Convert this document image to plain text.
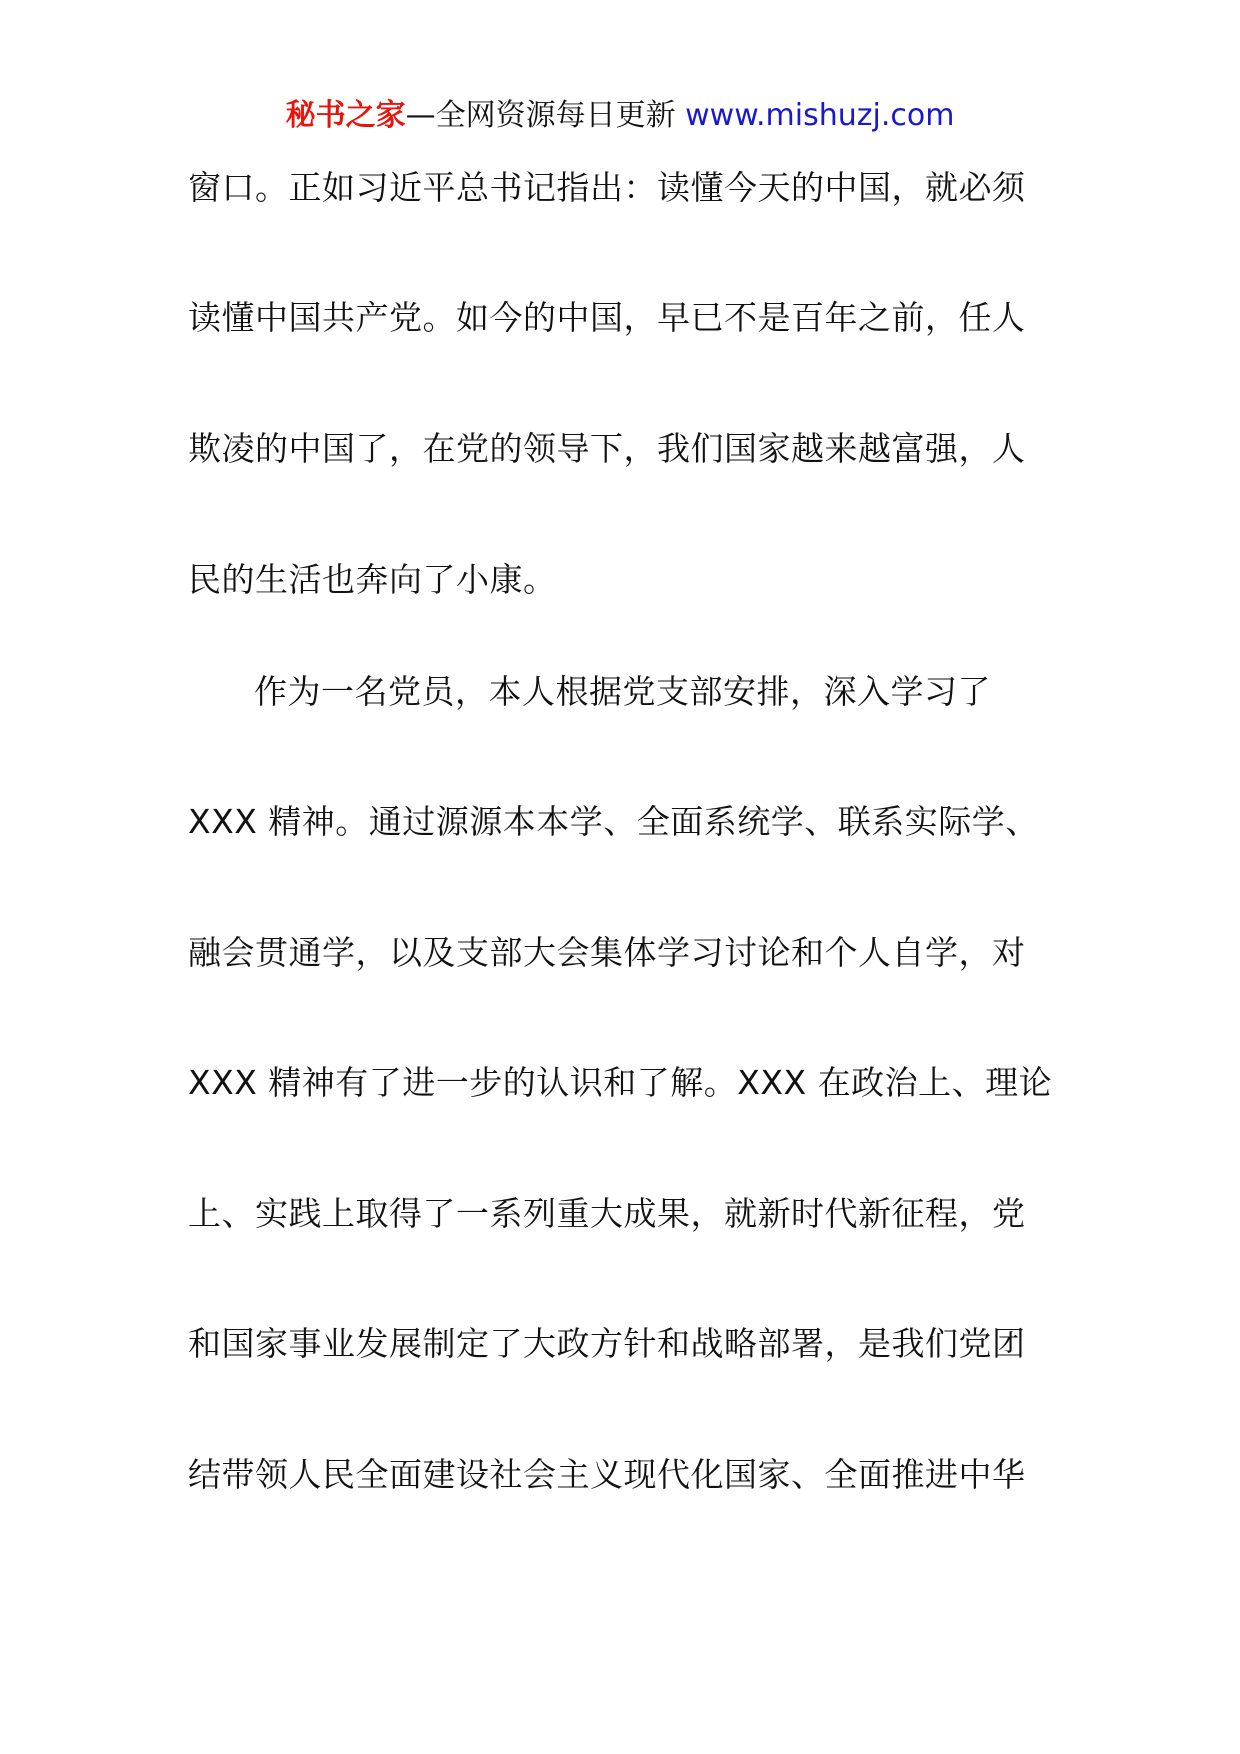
秘书之家—全网资源每日更新 www.mishuzj.com
窗口。正如习近平总书记指出：读懂今天的中国，就必须
读懂中国共产党。如今的中国，早已不是百年之前，任人
欺凌的中国了，在党的领导下，我们国家越来越富强，人
民的生活也奔向了小康。
作为一名党员，本人根据党支部安排，深入学习了
XXX 精神。通过源源本本学、全面系统学、联系实际学、
融会贯通学，以及支部大会集体学习讨论和个人自学，对
XXX 精神有了进一步的认识和了解。XXX 在政治上、理论
上、实践上取得了一系列重大成果，就新时代新征程，党
和国家事业发展制定了大政方针和战略部署，是我们党团
结带领人民全面建设社会主义现代化国家、全面推进中华
